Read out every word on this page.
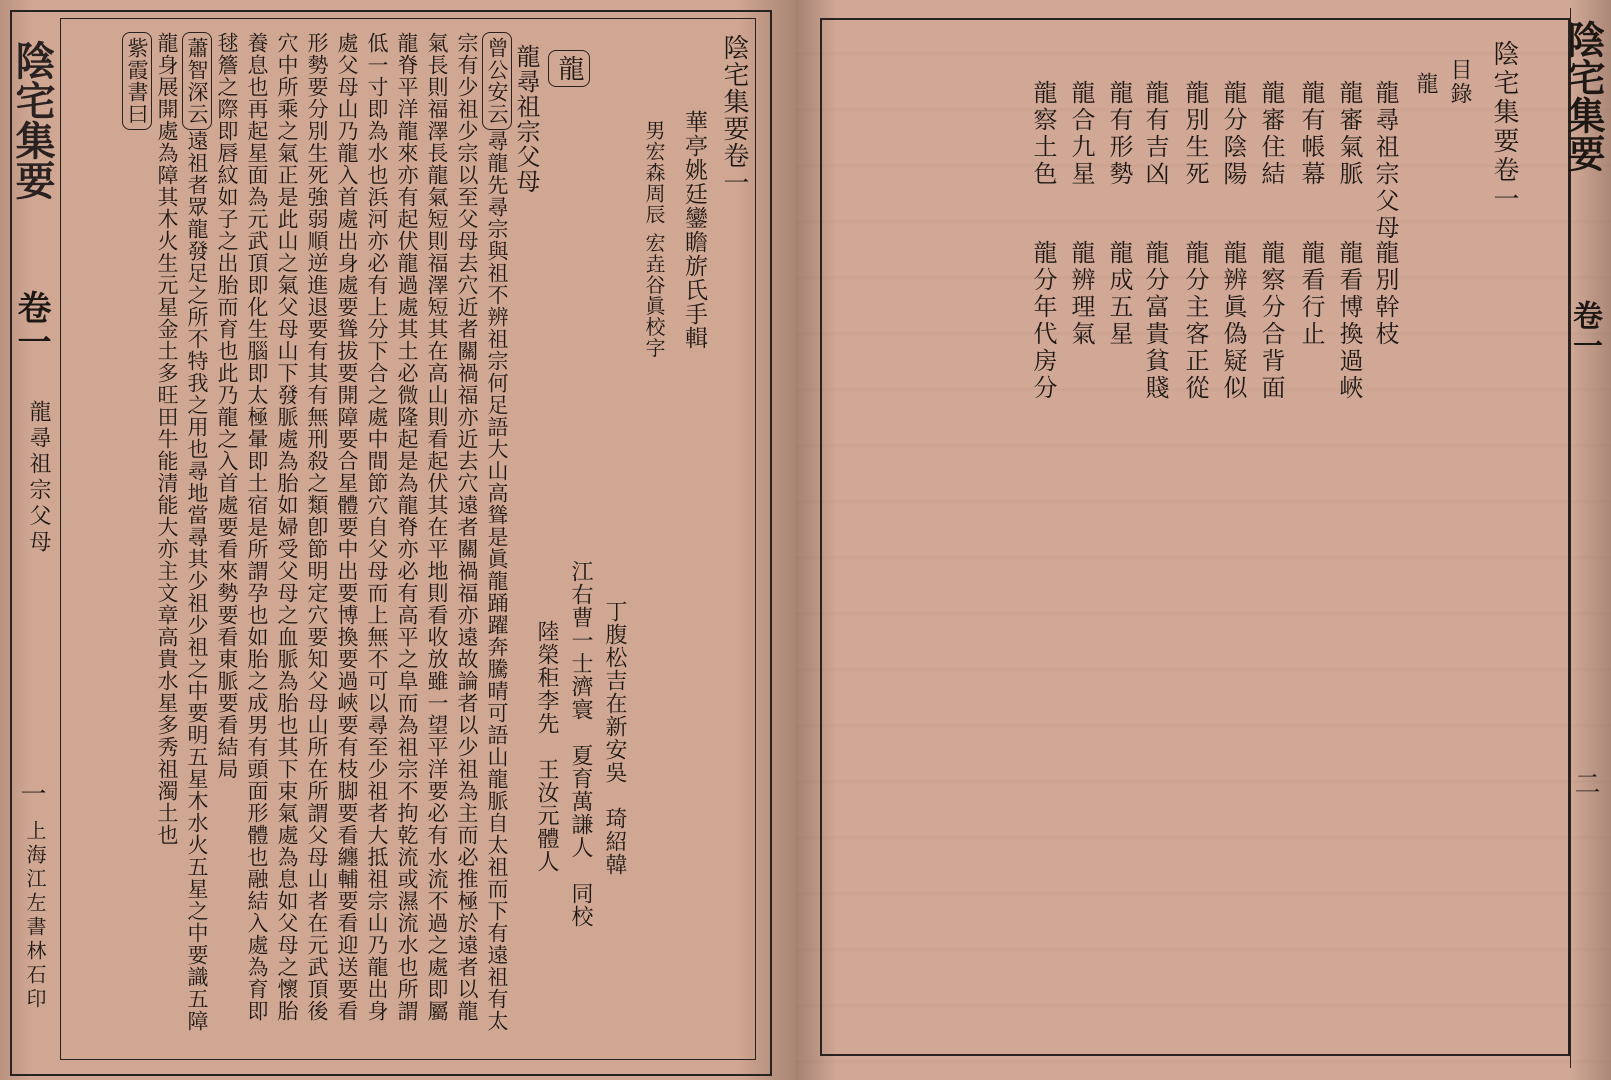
陰宅集要
卷一
龍尋祖宗父母
一
上海江左書林石印
陰宅集要卷一
華亭姚廷鑾瞻旂氏手輯
男宏森周辰 宏垚谷眞校字
丁腹松吉在新安吳　琦紹韓
江右曹一士濟寰　夏育萬謙人　同校
陸榮秬李先　王汝元體人
龍
龍尋祖宗父母

曾公安云尋龍先尋宗與祖不辨祖宗何足語大山高聳是眞龍踊躍奔騰晴可語山龍脈自太祖而下有遠祖有太宗有少祖少宗以至父母去穴近者關禍福亦近去穴遠者關禍福亦遠故論者以少祖為主而必推極於遠者以龍氣長則福澤長龍氣短則福澤短其在高山則看起伏其在平地則看收放雖一望平洋要必有水流不過之處即屬龍脊平洋龍來亦有起伏龍過處其土必微隆起是為龍脊亦必有高平之阜而為祖宗不拘乾流或濕流水也所謂低一寸即為水也浜河亦必有上分下合之處中間節穴自父母而上無不可以尋至少祖者大抵祖宗山乃龍出身處父母山乃龍入首處出身處要聳拔要開障要合星體要中出要博換要過峽要有枝脚要看纏輔要看迎送要看形勢要分別生死強弱順逆進退要有其有無刑殺之類卽節明定穴要知父母山所在所謂父母山者在元武頂後穴中所乘之氣正是此山之氣父母山下發脈處為胎如婦受父母之血脈為胎也其下束氣處為息如父母之懷胎養息也再起星面為元武頂即化生腦即太極暈即土宿是所謂孕也如胎之成男有頭面形體也融結入處為育即毬簷之際即唇紋如子之出胎而育也此乃龍之入首處要看來勢要看東脈要看結局

蕭智深云遠祖者眾龍發足之所不特我之用也尋地當尋其少祖少祖之中要明五星木水火五星之中要識五障龍身展開處為障其木火生元星金土多旺田牛能清能大亦主文章高貴水星多秀祖濁土也

紫霞書曰	陰宅集要
卷一
二
陰宅集要卷一
目錄
龍
龍尋祖宗父母
龍審氣脈
龍有帳幕
龍審住結
龍分陰陽
龍別生死
龍有吉凶
龍有形勢
龍合九星
龍察土色
龍別幹枝
龍看博換過峽
龍看行止
龍察分合背面
龍辨眞偽疑似
龍分主客正從
龍分富貴貧賤
龍成五星
龍辨理氣
龍分年代房分
